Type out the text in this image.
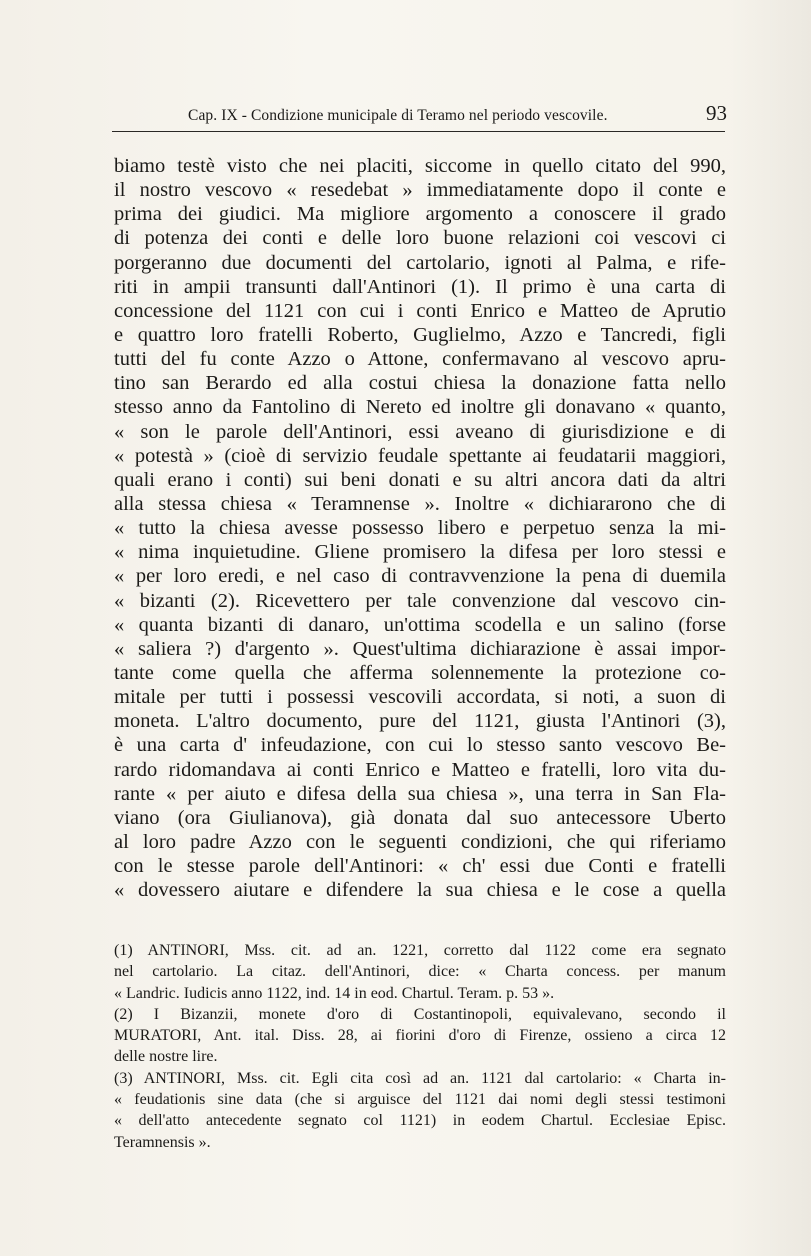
Cap. IX - Condizione municipale di Teramo nel periodo vescovile.	93
biamo testè visto che nei placiti, siccome in quello citato del 990,
il nostro vescovo « resedebat » immediatamente dopo il conte e
prima dei giudici. Ma migliore argomento a conoscere il grado
di potenza dei conti e delle loro buone relazioni coi vescovi ci
porgeranno due documenti del cartolario, ignoti al Palma, e rife-
riti in ampii transunti dall'Antinori (1). Il primo è una carta di
concessione del 1121 con cui i conti Enrico e Matteo de Aprutio
e quattro loro fratelli Roberto, Guglielmo, Azzo e Tancredi, figli
tutti del fu conte Azzo o Attone, confermavano al vescovo apru-
tino san Berardo ed alla costui chiesa la donazione fatta nello
stesso anno da Fantolino di Nereto ed inoltre gli donavano « quanto,
« son le parole dell'Antinori, essi aveano di giurisdizione e di
« potestà » (cioè di servizio feudale spettante ai feudatarii maggiori,
quali erano i conti) sui beni donati e su altri ancora dati da altri
alla stessa chiesa « Teramnense ». Inoltre « dichiararono che di
« tutto la chiesa avesse possesso libero e perpetuo senza la mi-
« nima inquietudine. Gliene promisero la difesa per loro stessi e
« per loro eredi, e nel caso di contravvenzione la pena di duemila
« bizanti (2). Ricevettero per tale convenzione dal vescovo cin-
« quanta bizanti di danaro, un'ottima scodella e un salino (forse
« saliera ?) d'argento ». Quest'ultima dichiarazione è assai impor-
tante come quella che afferma solennemente la protezione co-
mitale per tutti i possessi vescovili accordata, si noti, a suon di
moneta. L'altro documento, pure del 1121, giusta l'Antinori (3),
è una carta d' infeudazione, con cui lo stesso santo vescovo Be-
rardo ridomandava ai conti Enrico e Matteo e fratelli, loro vita du-
rante « per aiuto e difesa della sua chiesa », una terra in San Fla-
viano (ora Giulianova), già donata dal suo antecessore Uberto
al loro padre Azzo con le seguenti condizioni, che qui riferiamo
con le stesse parole dell'Antinori: « ch' essi due Conti e fratelli
« dovessero aiutare e difendere la sua chiesa e le cose a quella
(1) ANTINORI, Mss. cit. ad an. 1221, corretto dal 1122 come era segnato
nel cartolario. La citaz. dell'Antinori, dice: « Charta concess. per manum
« Landric. Iudicis anno 1122, ind. 14 in eod. Chartul. Teram. p. 53 ».
(2) I Bizanzii, monete d'oro di Costantinopoli, equivalevano, secondo il
MURATORI, Ant. ital. Diss. 28, ai fiorini d'oro di Firenze, ossieno a circa 12
delle nostre lire.
(3) ANTINORI, Mss. cit. Egli cita così ad an. 1121 dal cartolario: « Charta in-
« feudationis sine data (che si arguisce del 1121 dai nomi degli stessi testimoni
« dell'atto antecedente segnato col 1121) in eodem Chartul. Ecclesiae Episc.
Teramnensis ».
